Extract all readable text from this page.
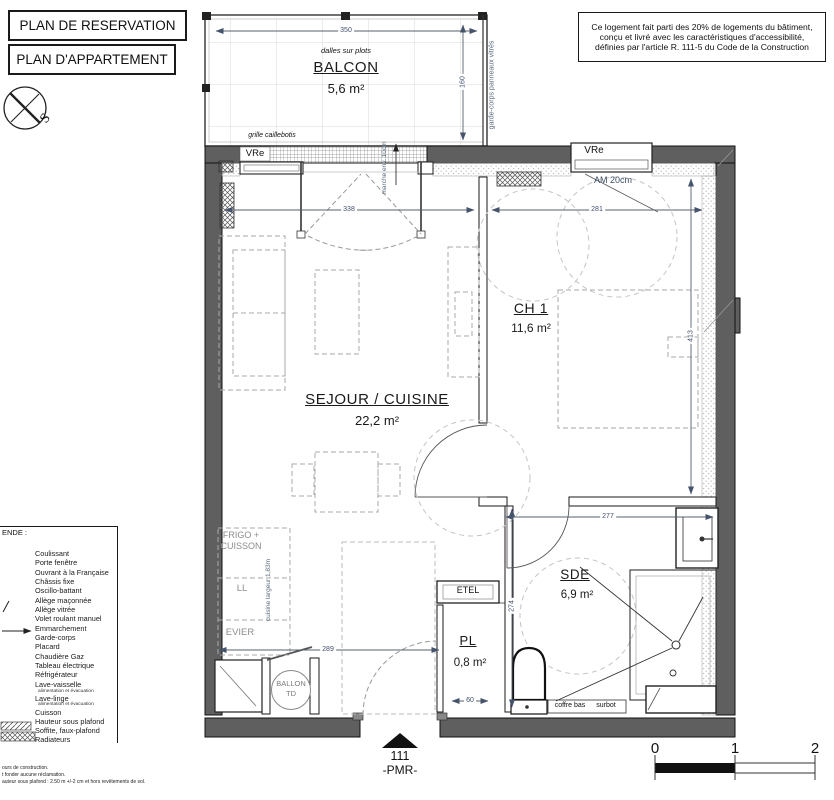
PLAN DE RESERVATION
PLAN D'APPARTEMENT
Ce logement fait parti des 20% de logements du bâtiment,
conçu et livré avec les caractéristiques d'accessibilité,
définies par l'article R. 111-5 du Code de la Construction
S
dalles sur plots
BALCON
5,6 m²
grille caillebotis
garde-corps panneaux vitrés
marche env. 10cm
VRe	VRe
AM 20cm
SEJOUR / CUISINE
22,2 m²
CH 1
11,6 m²
SDE
6,9 m²
PL
0,8 m²
ETEL
FRIGO +
CUISSON
LL
EVIER
cuisine largeur 1,83m
BALLON
TD
coffre bas surbot
350
160
338	281
413
277
274
289
60
111
-PMR-
0	1	2
ENDE :
Coulissant
Porte fenêtre
Ouvrant à la Française
Châssis fixe
Oscillo-battant
Allège maçonnée
Allège vitrée
Volet roulant manuel
Emmarchement
Garde-corps
Placard
Chaudière Gaz
Tableau électrique
Réfrigérateur
Lave-vaisselle
alimentation et évacuation
Lave-linge
alimentation et évacuation
Cuisson
Hauteur sous plafond
Soffite, faux-plafond
Radiateurs
ours de construction.
t fonder aucune réclamation.
auteur sous plafond : 2.50 m +/-2 cm et hors revêtements de sol.
